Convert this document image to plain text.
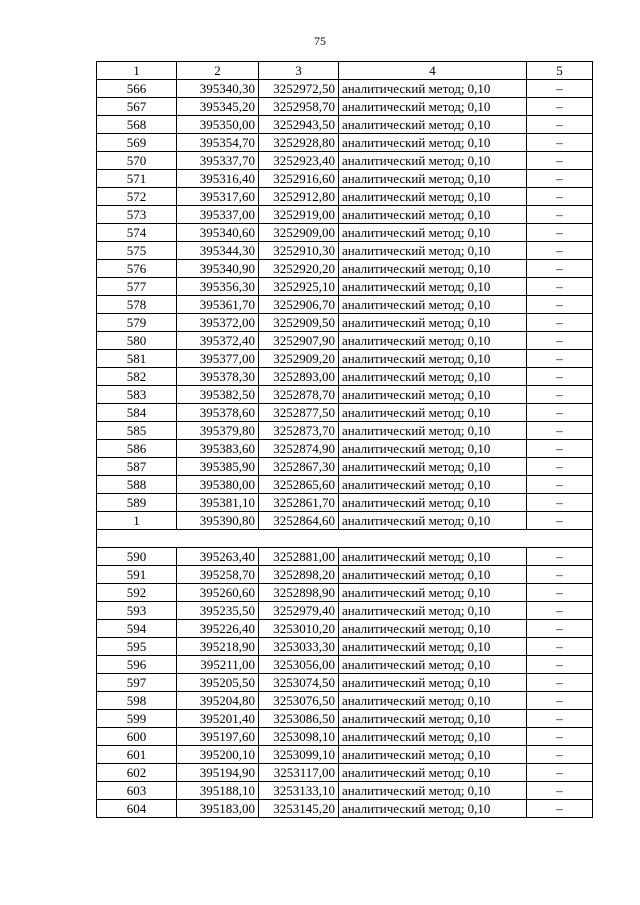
75
1	2	3	4	5
566	395340,30	3252972,50	аналитический метод; 0,10	–
567	395345,20	3252958,70	аналитический метод; 0,10	–
568	395350,00	3252943,50	аналитический метод; 0,10	–
569	395354,70	3252928,80	аналитический метод; 0,10	–
570	395337,70	3252923,40	аналитический метод; 0,10	–
571	395316,40	3252916,60	аналитический метод; 0,10	–
572	395317,60	3252912,80	аналитический метод; 0,10	–
573	395337,00	3252919,00	аналитический метод; 0,10	–
574	395340,60	3252909,00	аналитический метод; 0,10	–
575	395344,30	3252910,30	аналитический метод; 0,10	–
576	395340,90	3252920,20	аналитический метод; 0,10	–
577	395356,30	3252925,10	аналитический метод; 0,10	–
578	395361,70	3252906,70	аналитический метод; 0,10	–
579	395372,00	3252909,50	аналитический метод; 0,10	–
580	395372,40	3252907,90	аналитический метод; 0,10	–
581	395377,00	3252909,20	аналитический метод; 0,10	–
582	395378,30	3252893,00	аналитический метод; 0,10	–
583	395382,50	3252878,70	аналитический метод; 0,10	–
584	395378,60	3252877,50	аналитический метод; 0,10	–
585	395379,80	3252873,70	аналитический метод; 0,10	–
586	395383,60	3252874,90	аналитический метод; 0,10	–
587	395385,90	3252867,30	аналитический метод; 0,10	–
588	395380,00	3252865,60	аналитический метод; 0,10	–
589	395381,10	3252861,70	аналитический метод; 0,10	–
1	395390,80	3252864,60	аналитический метод; 0,10	–

590	395263,40	3252881,00	аналитический метод; 0,10	–
591	395258,70	3252898,20	аналитический метод; 0,10	–
592	395260,60	3252898,90	аналитический метод; 0,10	–
593	395235,50	3252979,40	аналитический метод; 0,10	–
594	395226,40	3253010,20	аналитический метод; 0,10	–
595	395218,90	3253033,30	аналитический метод; 0,10	–
596	395211,00	3253056,00	аналитический метод; 0,10	–
597	395205,50	3253074,50	аналитический метод; 0,10	–
598	395204,80	3253076,50	аналитический метод; 0,10	–
599	395201,40	3253086,50	аналитический метод; 0,10	–
600	395197,60	3253098,10	аналитический метод; 0,10	–
601	395200,10	3253099,10	аналитический метод; 0,10	–
602	395194,90	3253117,00	аналитический метод; 0,10	–
603	395188,10	3253133,10	аналитический метод; 0,10	–
604	395183,00	3253145,20	аналитический метод; 0,10	–
